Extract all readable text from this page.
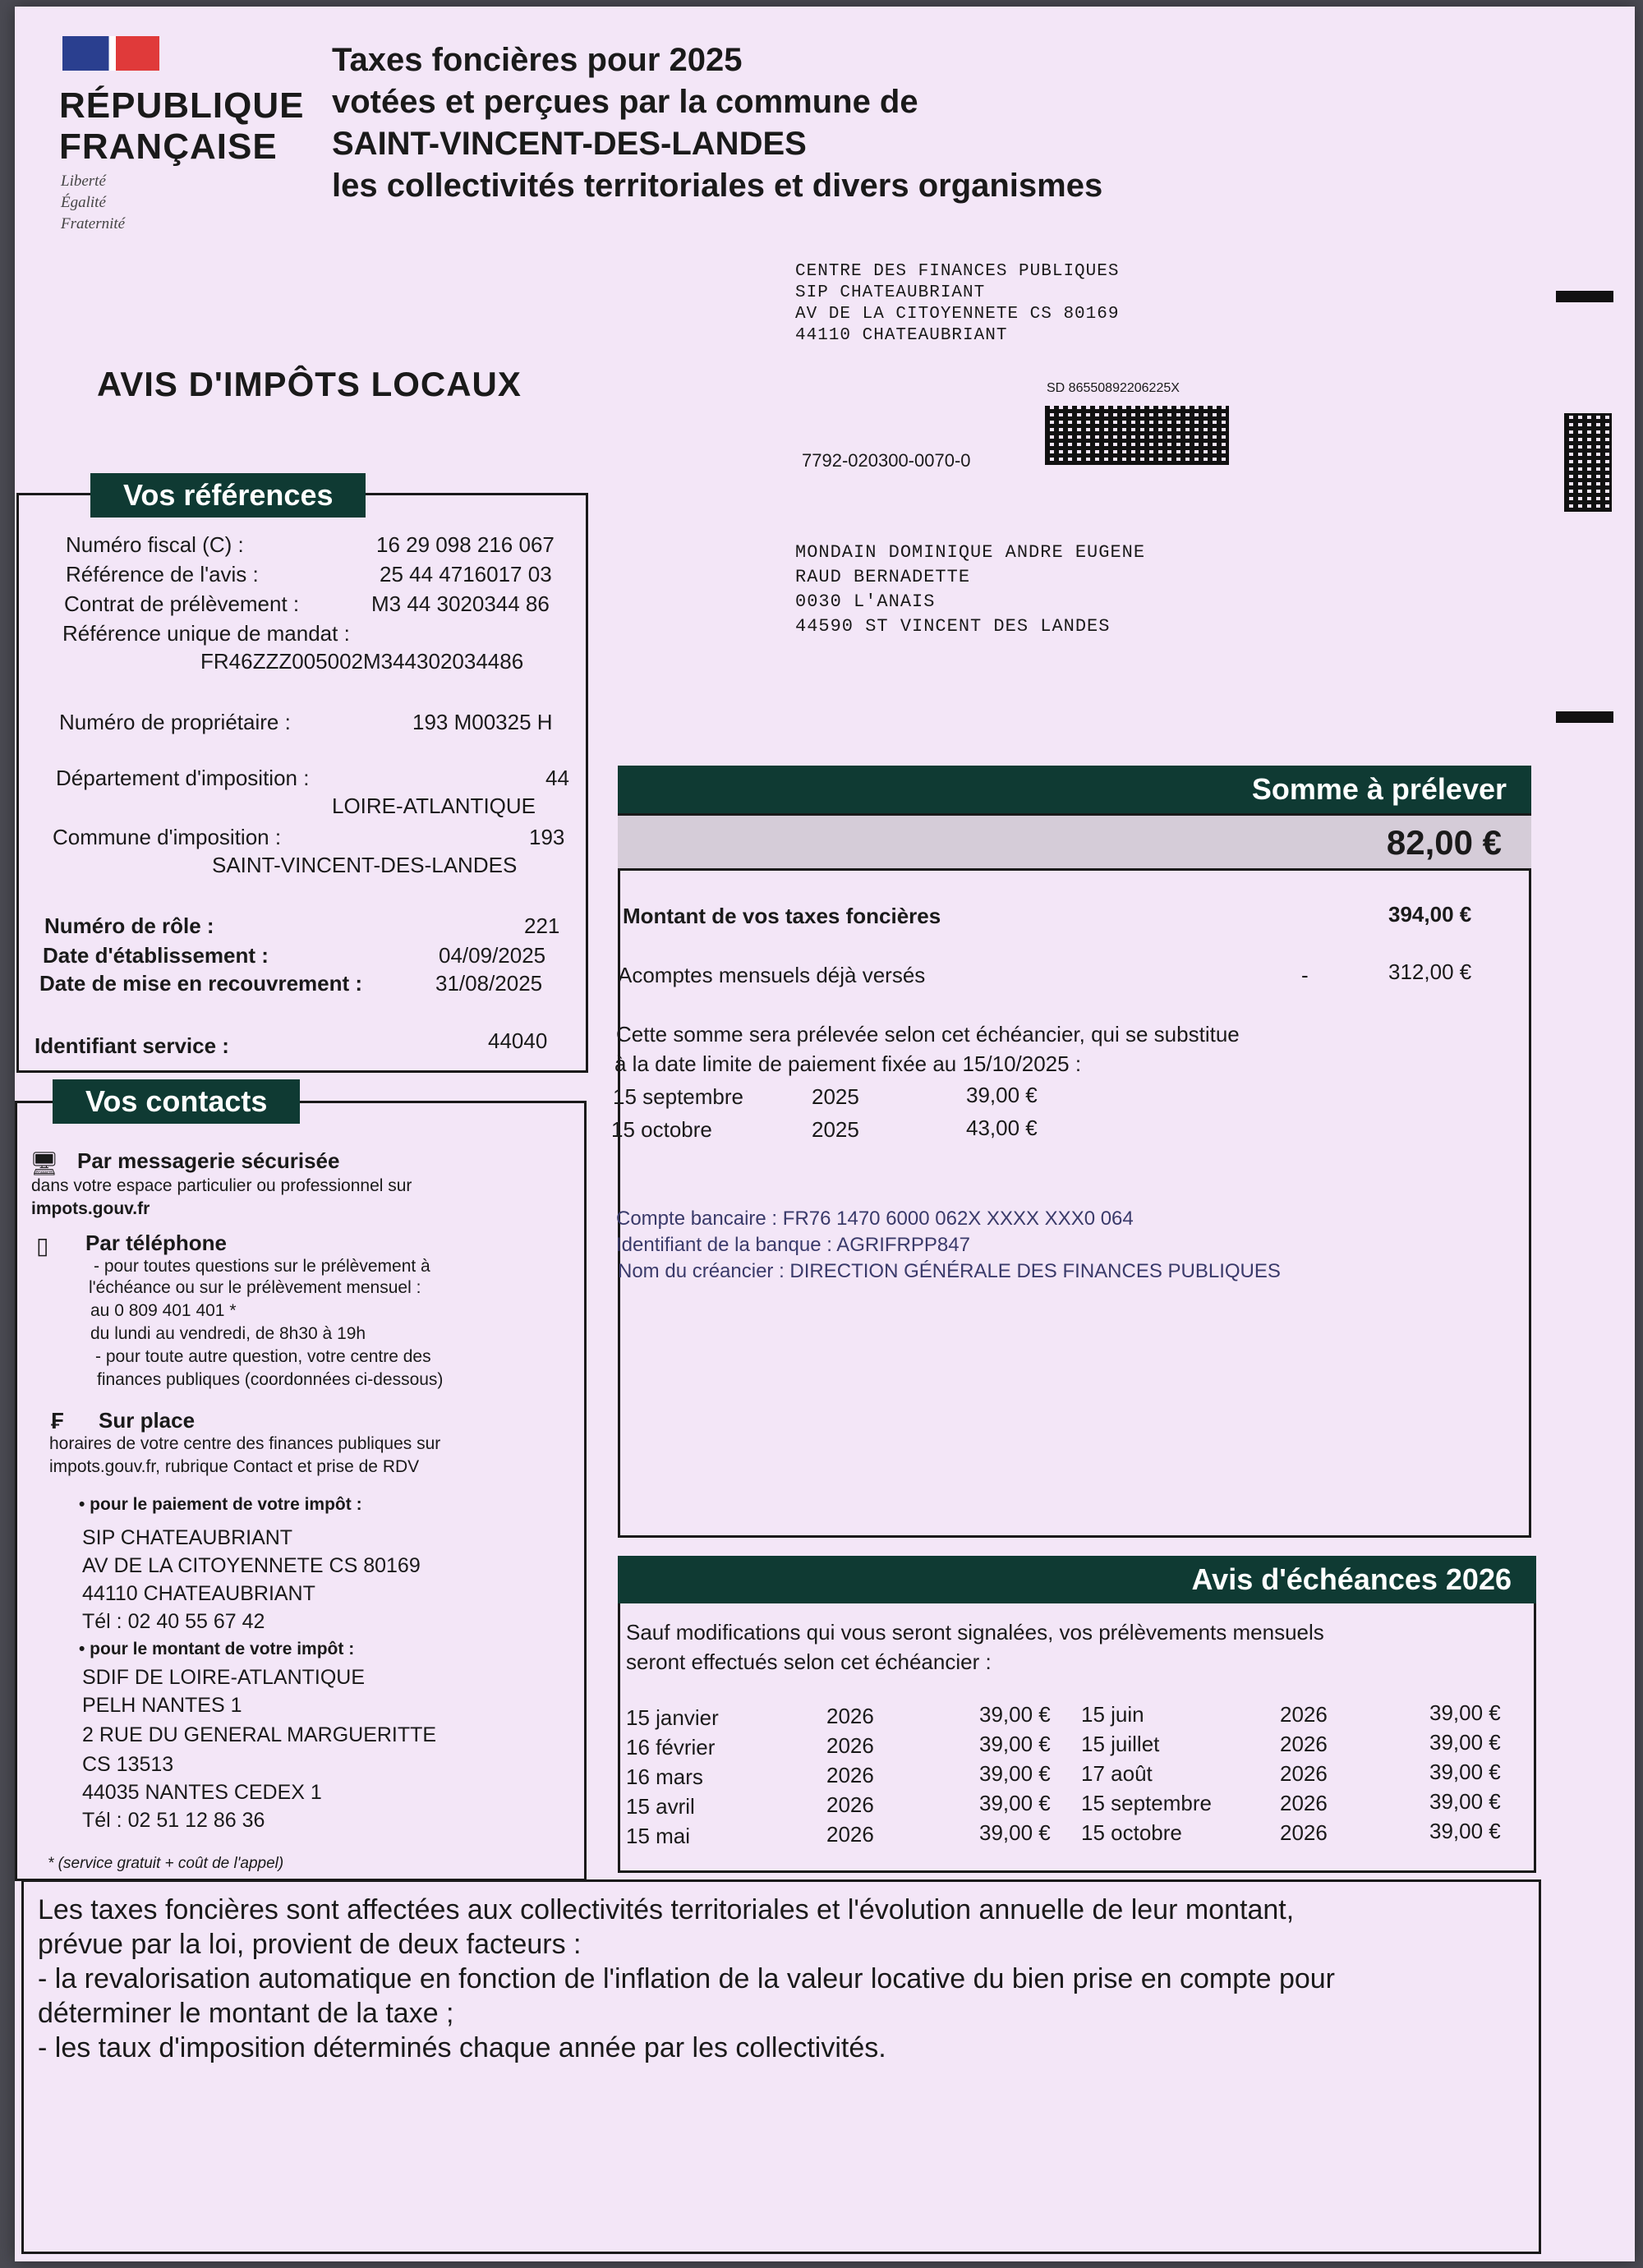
RÉPUBLIQUE
FRANÇAISE
Liberté
Égalité
Fraternité
Taxes foncières pour 2025
votées et perçues par la commune de
SAINT-VINCENT-DES-LANDES
les collectivités territoriales et divers organismes
CENTRE DES FINANCES PUBLIQUES
SIP CHATEAUBRIANT
AV DE LA CITOYENNETE CS 80169
44110 CHATEAUBRIANT
AVIS D'IMPÔTS LOCAUX	SD 86550892206225X
7792-020300-0070-0
MONDAIN DOMINIQUE ANDRE EUGENE
RAUD BERNADETTE
0030 L'ANAIS
44590 ST VINCENT DES LANDES
Vos références
Numéro fiscal (C) :	16 29 098 216 067
Référence de l'avis :	25 44 4716017 03
Contrat de prélèvement :	M3 44 3020344 86
Référence unique de mandat :
FR46ZZZ005002M344302034486
Numéro de propriétaire :	193 M00325 H
Département d'imposition :	44
LOIRE-ATLANTIQUE
Commune d'imposition :	193
SAINT-VINCENT-DES-LANDES
Numéro de rôle :	221
Date d'établissement :	04/09/2025
Date de mise en recouvrement :	31/08/2025
Identifiant service :	44040
Vos contacts
🖥 Par messagerie sécurisée
dans votre espace particulier ou professionnel sur
impots.gouv.fr
▯ Par téléphone
- pour toutes questions sur le prélèvement à
l'échéance ou sur le prélèvement mensuel :
au 0 809 401 401 *
du lundi au vendredi, de 8h30 à 19h
- pour toute autre question, votre centre des
finances publiques (coordonnées ci-dessous)
₣ Sur place
horaires de votre centre des finances publiques sur
impots.gouv.fr, rubrique Contact et prise de RDV
• pour le paiement de votre impôt :
SIP CHATEAUBRIANT
AV DE LA CITOYENNETE CS 80169
44110 CHATEAUBRIANT
Tél : 02 40 55 67 42
• pour le montant de votre impôt :
SDIF DE LOIRE-ATLANTIQUE
PELH NANTES 1
2 RUE DU GENERAL MARGUERITTE
CS 13513
44035 NANTES CEDEX 1
Tél : 02 51 12 86 36
* (service gratuit + coût de l'appel)
Somme à prélever
82,00 €
Montant de vos taxes foncières	394,00 €
Acomptes mensuels déjà versés	-	312,00 €
Cette somme sera prélevée selon cet échéancier, qui se substitue
à la date limite de paiement fixée au 15/10/2025 :
15 septembre	2025	39,00 €
15 octobre	2025	43,00 €
Compte bancaire : FR76 1470 6000 062X XXXX XXX0 064
Identifiant de la banque : AGRIFRPP847
Nom du créancier : DIRECTION GÉNÉRALE DES FINANCES PUBLIQUES
Avis d'échéances 2026
Sauf modifications qui vous seront signalées, vos prélèvements mensuels
seront effectués selon cet échéancier :
15 janvier	2026	39,00 €
16 février	2026	39,00 €
16 mars	2026	39,00 €
15 avril	2026	39,00 €
15 mai	2026	39,00 €
15 juin	2026	39,00 €
15 juillet	2026	39,00 €
17 août	2026	39,00 €
15 septembre	2026	39,00 €
15 octobre	2026	39,00 €
Les taxes foncières sont affectées aux collectivités territoriales et l'évolution annuelle de leur montant,
prévue par la loi, provient de deux facteurs :
- la revalorisation automatique en fonction de l'inflation de la valeur locative du bien prise en compte pour
déterminer le montant de la taxe ;
- les taux d'imposition déterminés chaque année par les collectivités.
